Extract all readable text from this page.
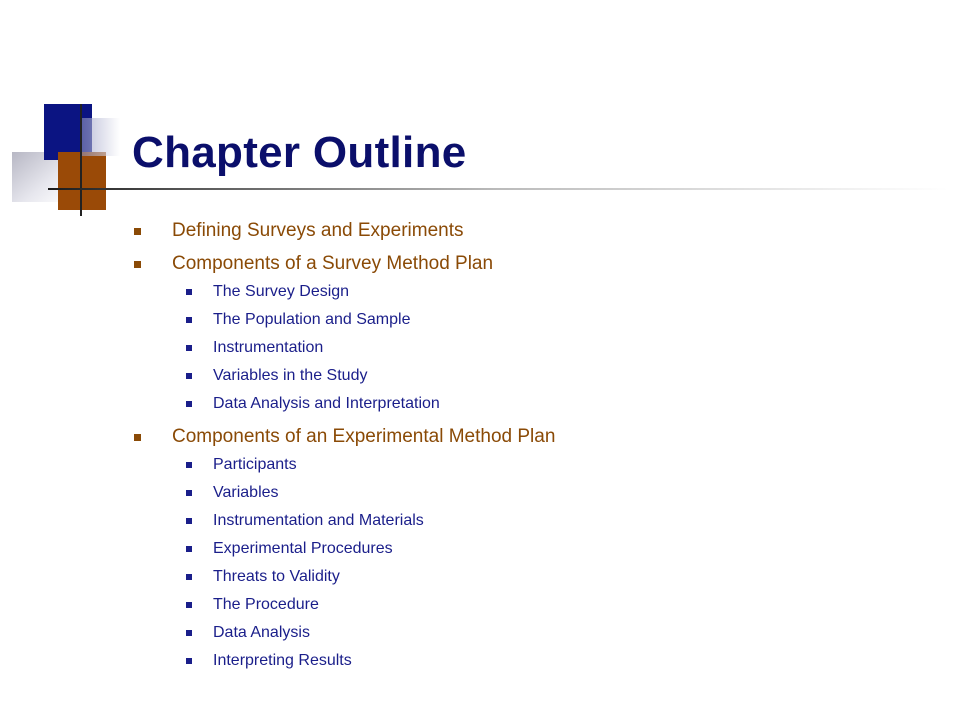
Chapter Outline
Defining Surveys and Experiments
Components of a Survey Method Plan
The Survey Design
The Population and Sample
Instrumentation
Variables in the Study
Data Analysis and Interpretation
Components of an Experimental Method Plan
Participants
Variables
Instrumentation and Materials
Experimental Procedures
Threats to Validity
The Procedure
Data Analysis
Interpreting Results
